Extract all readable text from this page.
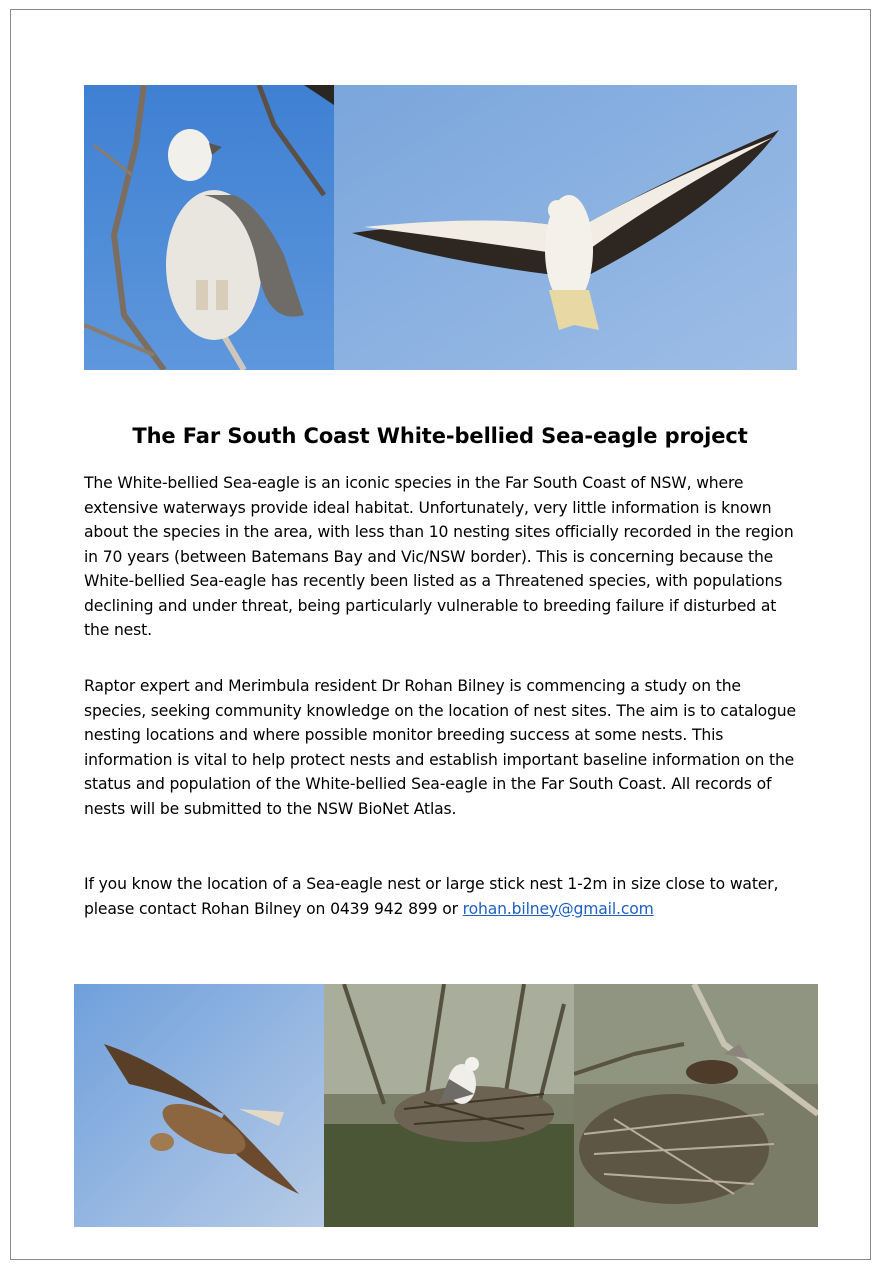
The Far South Coast White-bellied Sea-eagle project

The White-bellied Sea-eagle is an iconic species in the Far South Coast of NSW, where extensive waterways provide ideal habitat. Unfortunately, very little information is known about the species in the area, with less than 10 nesting sites officially recorded in the region in 70 years (between Batemans Bay and Vic/NSW border). This is concerning because the White-bellied Sea-eagle has recently been listed as a Threatened species, with populations declining and under threat, being particularly vulnerable to breeding failure if disturbed at the nest.

Raptor expert and Merimbula resident Dr Rohan Bilney is commencing a study on the species, seeking community knowledge on the location of nest sites. The aim is to catalogue nesting locations and where possible monitor breeding success at some nests. This information is vital to help protect nests and establish important baseline information on the status and population of the White-bellied Sea-eagle in the Far South Coast. All records of nests will be submitted to the NSW BioNet Atlas.

If you know the location of a Sea-eagle nest or large stick nest 1-2m in size close to water, please contact Rohan Bilney on 0439 942 899 or rohan.bilney@gmail.com
